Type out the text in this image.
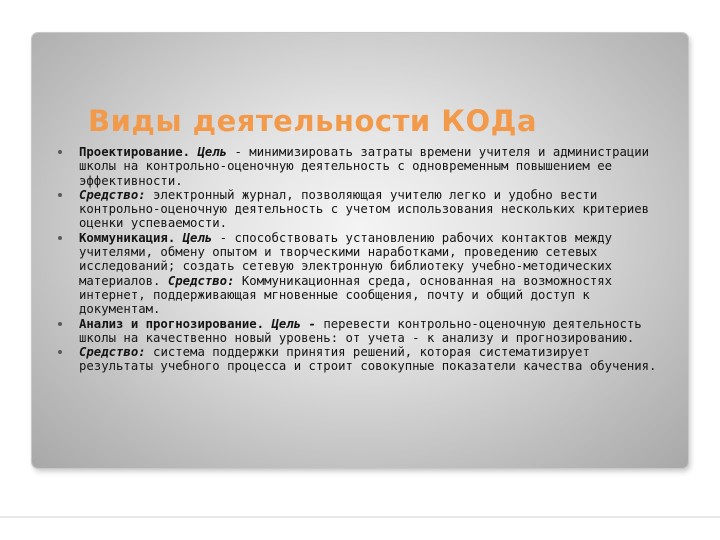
Виды деятельности КОДа
Проектирование. Цель - минимизировать затраты времени учителя и администрации школы на контрольно-оценочную деятельность с одновременным повышением ее эффективности.
Средство: электронный журнал, позволяющая учителю легко и удобно вести контрольно-оценочную деятельность с учетом использования нескольких критериев оценки успеваемости.
Коммуникация. Цель - способствовать установлению рабочих контактов между учителями, обмену опытом и творческими наработками, проведению сетевых исследований; создать сетевую электронную библиотеку учебно-методических материалов. Средство: Коммуникационная среда, основанная на возможностях интернет, поддерживающая мгновенные сообщения, почту и общий доступ к документам.
Анализ и прогнозирование. Цель - перевести контрольно-оценочную деятельность школы на качественно новый уровень: от учета - к анализу и прогнозированию.
Средство: система поддержки принятия решений, которая систематизирует результаты учебного процесса и строит совокупные показатели качества обучения.
